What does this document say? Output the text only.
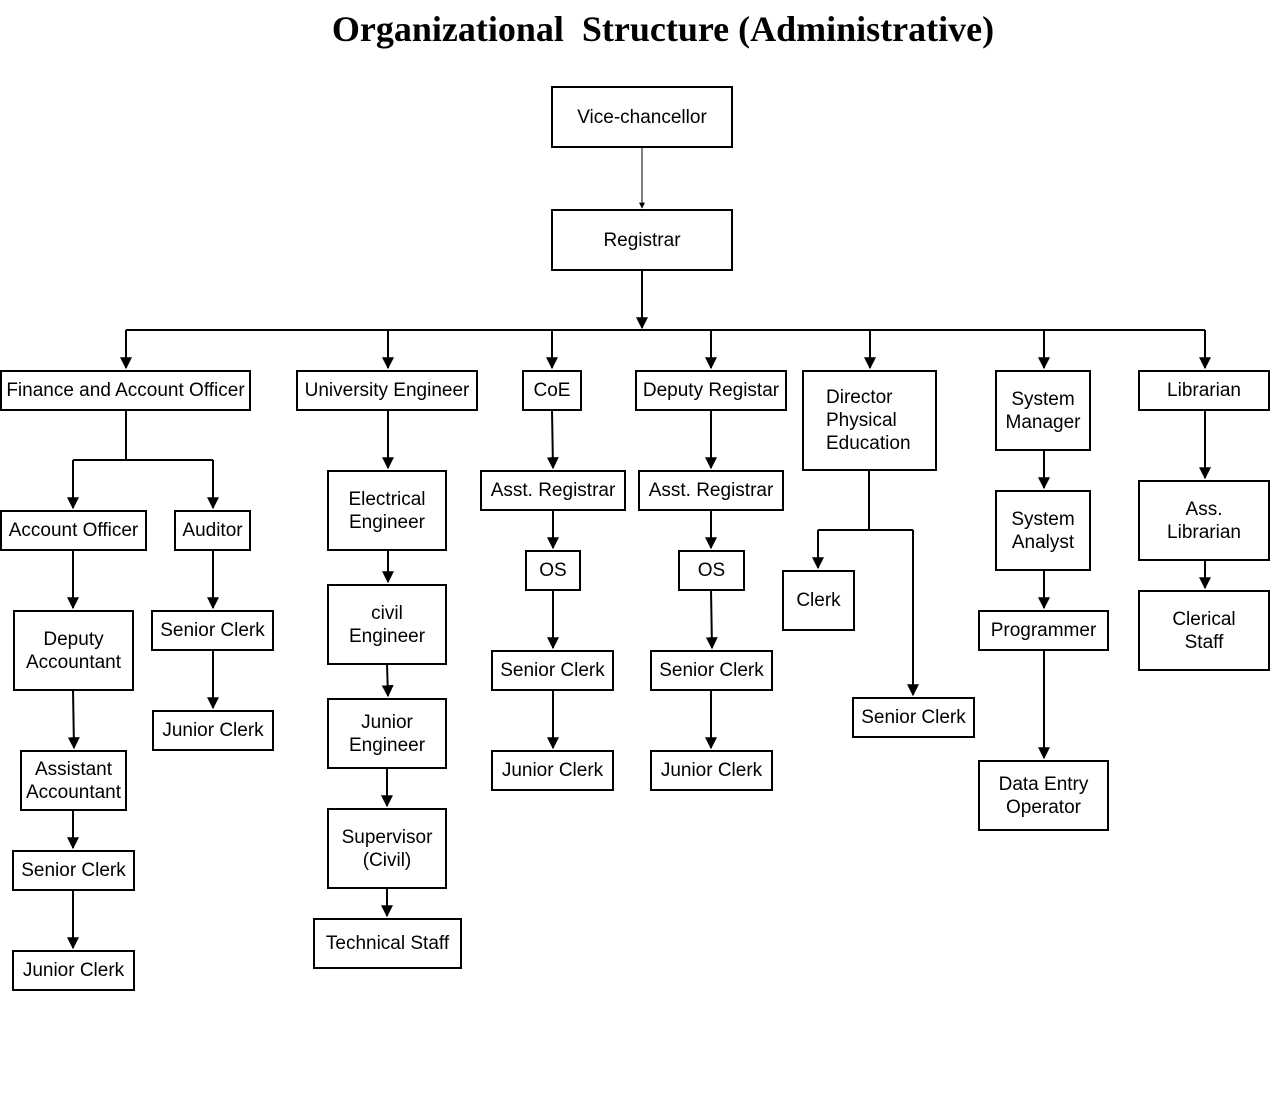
Organizational  Structure (Administrative)
Vice-chancellor
Registrar
Finance and Account Officer	University Engineer	CoE	Deputy Registar	Director
Physical
Education
System
Manager
Librarian
Account Officer	Auditor
Deputy
Accountant
Assistant
Accountant
Senior Clerk
Junior Clerk
Senior Clerk
Junior Clerk
Electrical
Engineer
civil
Engineer
Junior
Engineer
Supervisor
(Civil)
Technical Staff
Asst. Registrar
OS
Senior Clerk
Junior Clerk
Asst. Registrar
OS
Senior Clerk
Junior Clerk
Clerk
Senior Clerk
System
Analyst
Programmer
Data Entry
Operator
Ass.
Librarian
Clerical
Staff
